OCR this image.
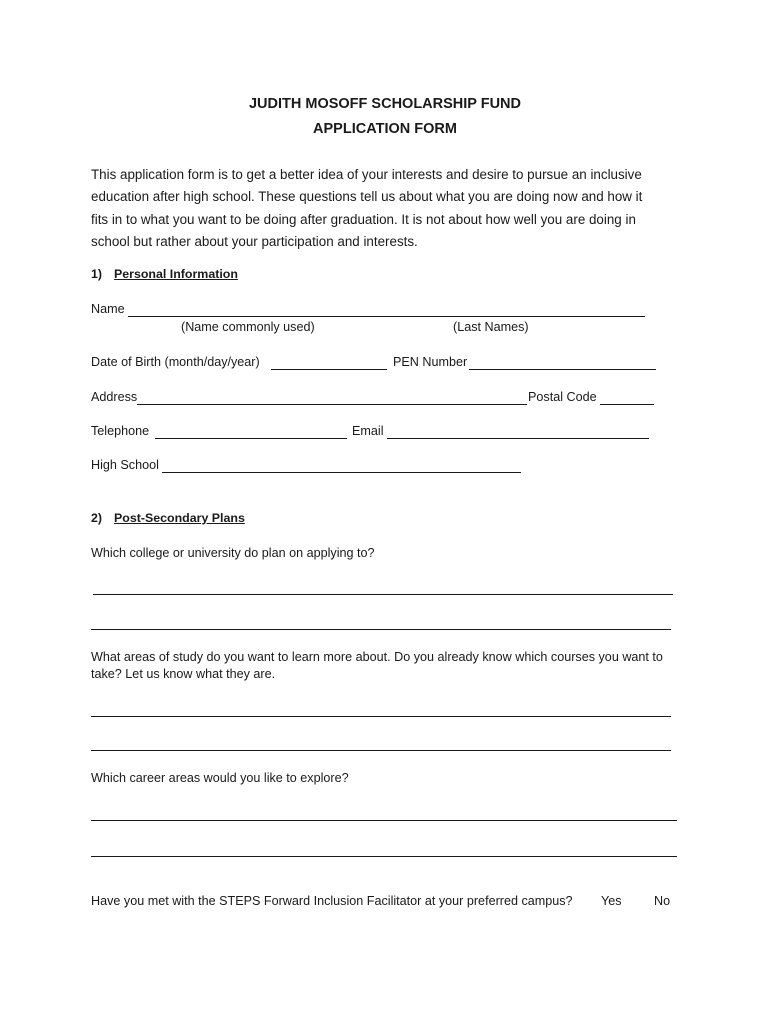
JUDITH MOSOFF SCHOLARSHIP FUND
APPLICATION FORM
This application form is to get a better idea of your interests and desire to pursue an inclusive
education after high school. These questions tell us about what you are doing now and how it
fits in to what you want to be doing after graduation. It is not about how well you are doing in
school but rather about your participation and interests.
1) Personal Information
Name
(Name commonly used)	(Last Names)
Date of Birth (month/day/year)	PEN Number
Address	Postal Code
Telephone	Email
High School
2) Post-Secondary Plans
Which college or university do plan on applying to?
What areas of study do you want to learn more about. Do you already know which courses you want to
take? Let us know what they are.
Which career areas would you like to explore?
Have you met with the STEPS Forward Inclusion Facilitator at your preferred campus? Yes	No
